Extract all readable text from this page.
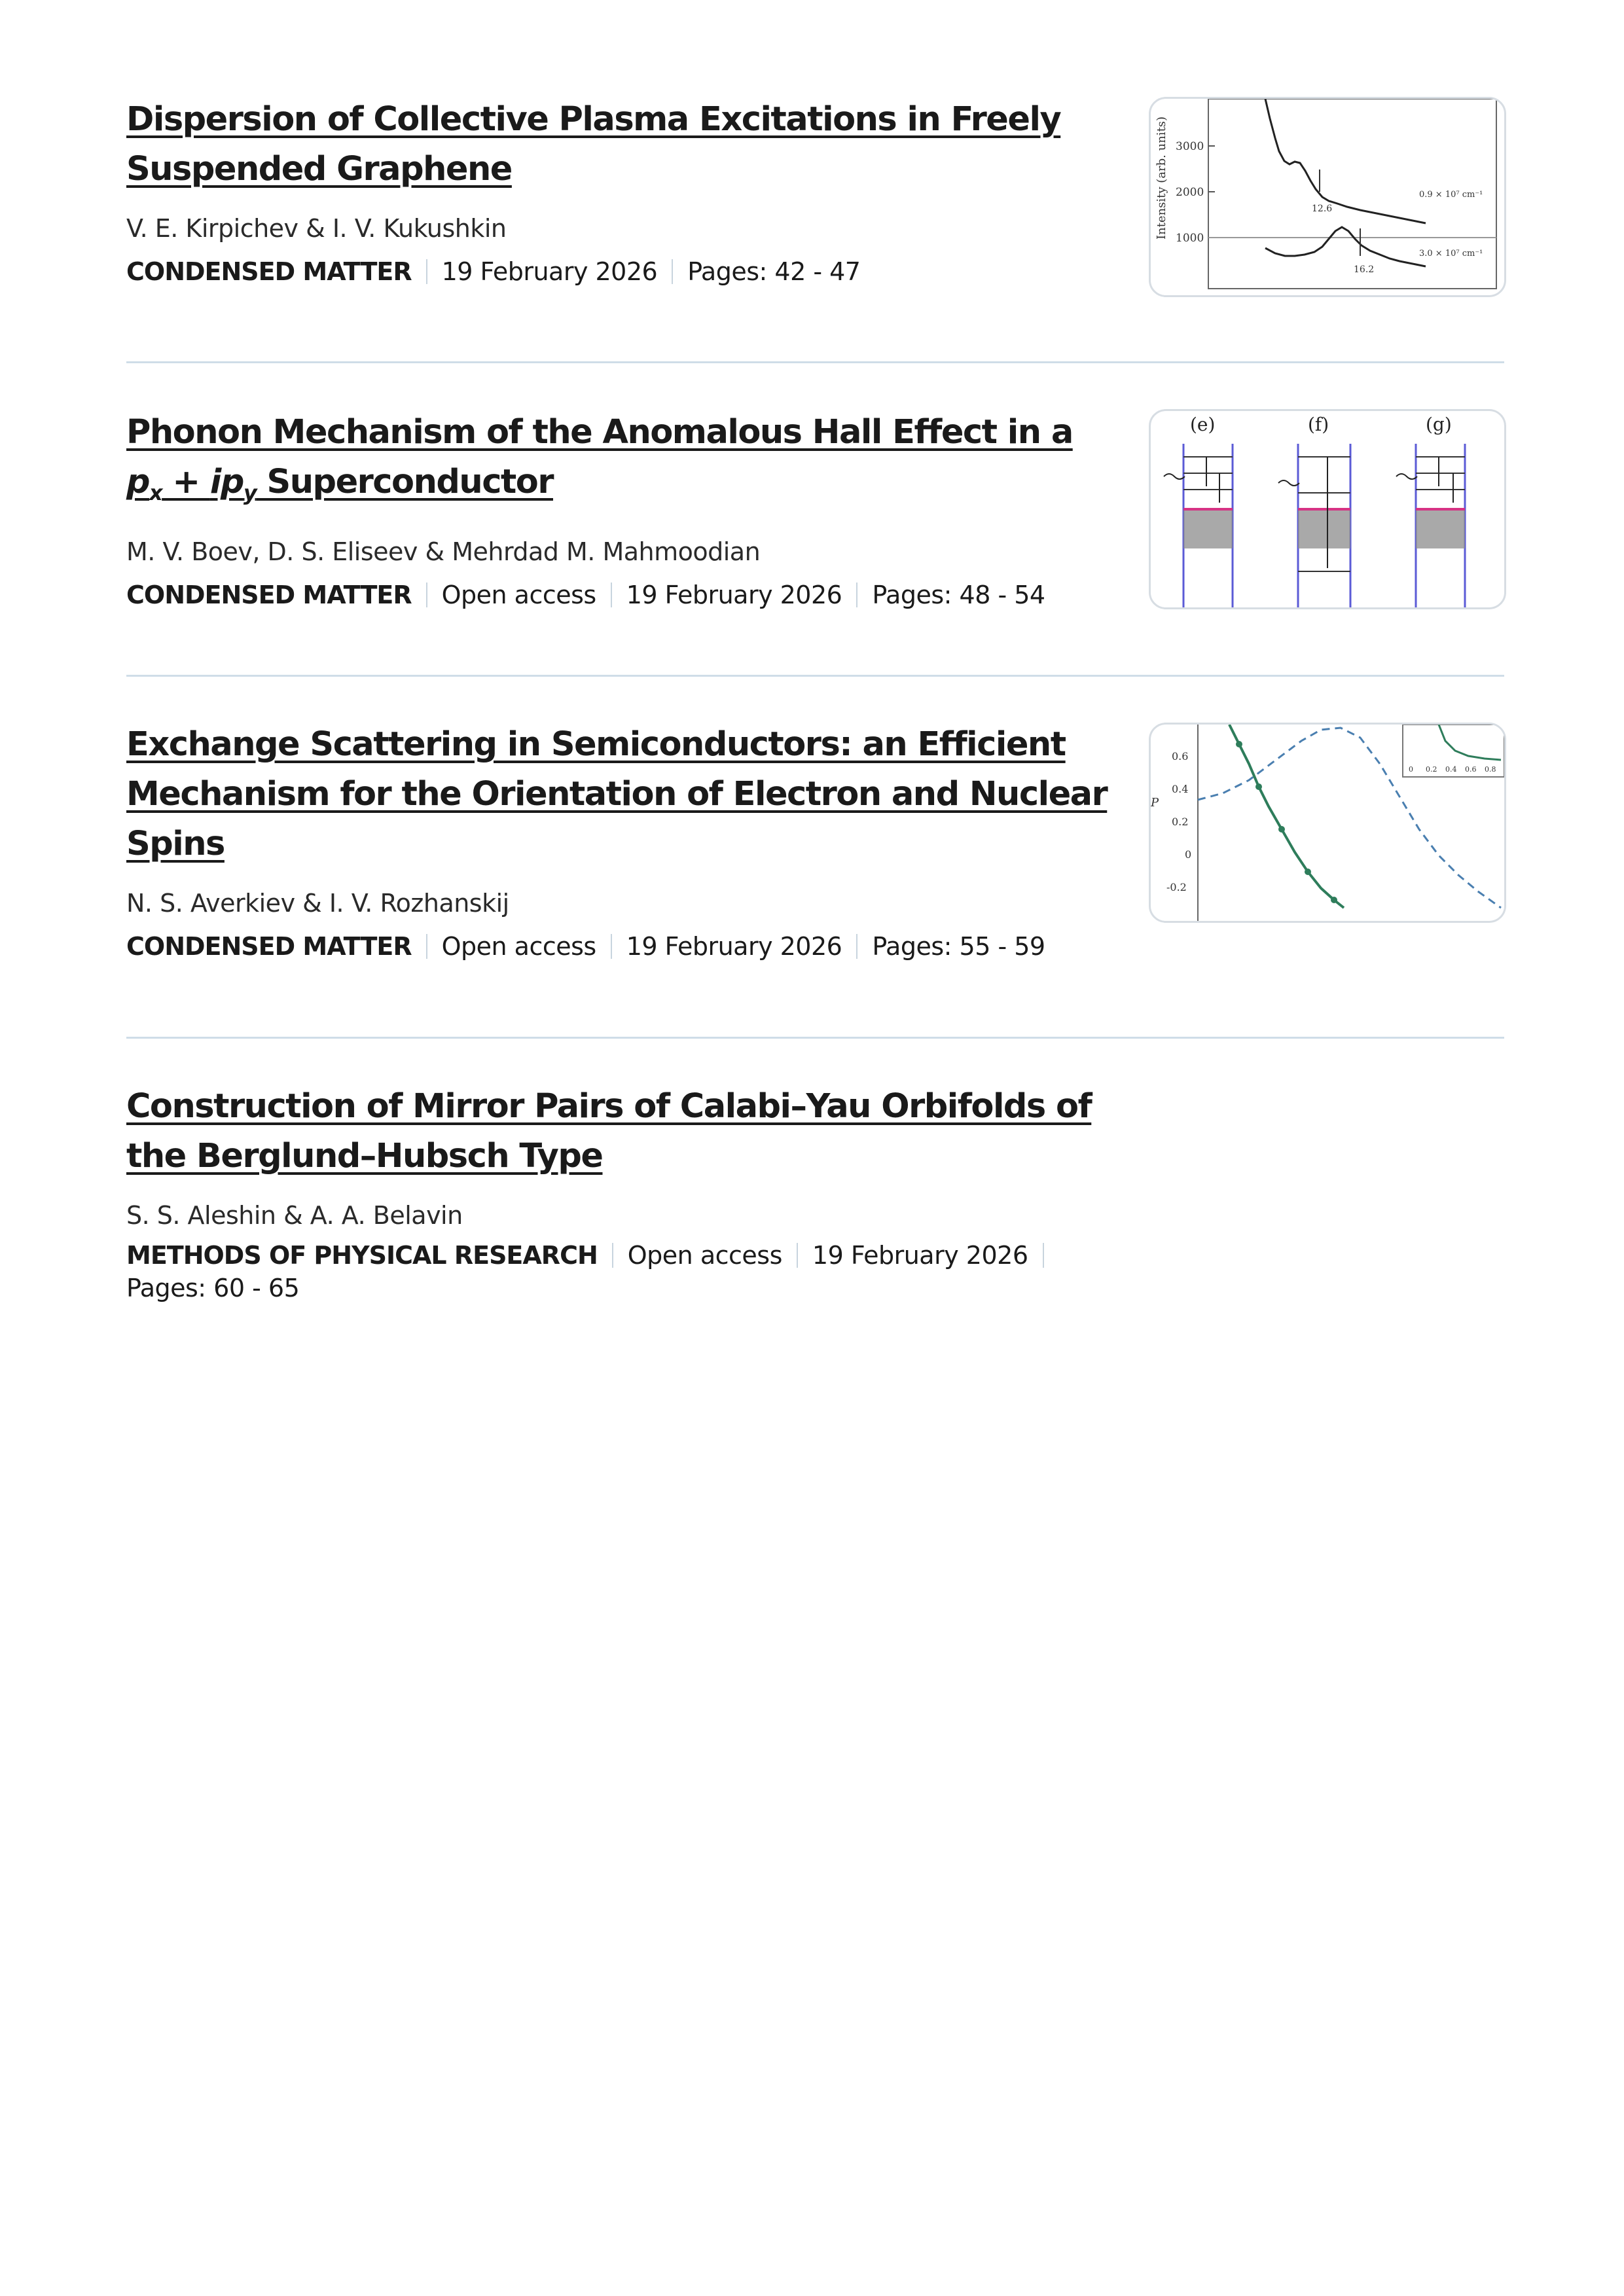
Dispersion of Collective Plasma Excitations in Freely Suspended Graphene
V. E. Kirpichev & I. V. Kukushkin
CONDENSED MATTER 19 February 2026 Pages: 42 - 47
Intensity (arb. units) 3000
2000
1000
12.6
16.2
0.9 × 10⁷ cm⁻¹
3.0 × 10⁷ cm⁻¹
Phonon Mechanism of the Anomalous Hall Effect in a $p_x + ip_y$ Superconductor
M. V. Boev, D. S. Eliseev & Mehrdad M. Mahmoodian
CONDENSED MATTER Open access 19 February 2026 Pages: 48 - 54
(e)	(f)	(g)
Exchange Scattering in Semiconductors: an Efficient Mechanism for the Orientation of Electron and Nuclear Spins
N. S. Averkiev & I. V. Rozhanskij
CONDENSED MATTER Open access 19 February 2026 Pages: 55 - 59
P
0.6
0.4
0.2
0
-0.2
0 0.2 0.4 0.6 0.8
Construction of Mirror Pairs of Calabi–Yau Orbifolds of the Berglund–Hubsch Type
S. S. Aleshin & A. A. Belavin
METHODS OF PHYSICAL RESEARCH Open access 19 February 2026
Pages: 60 - 65
